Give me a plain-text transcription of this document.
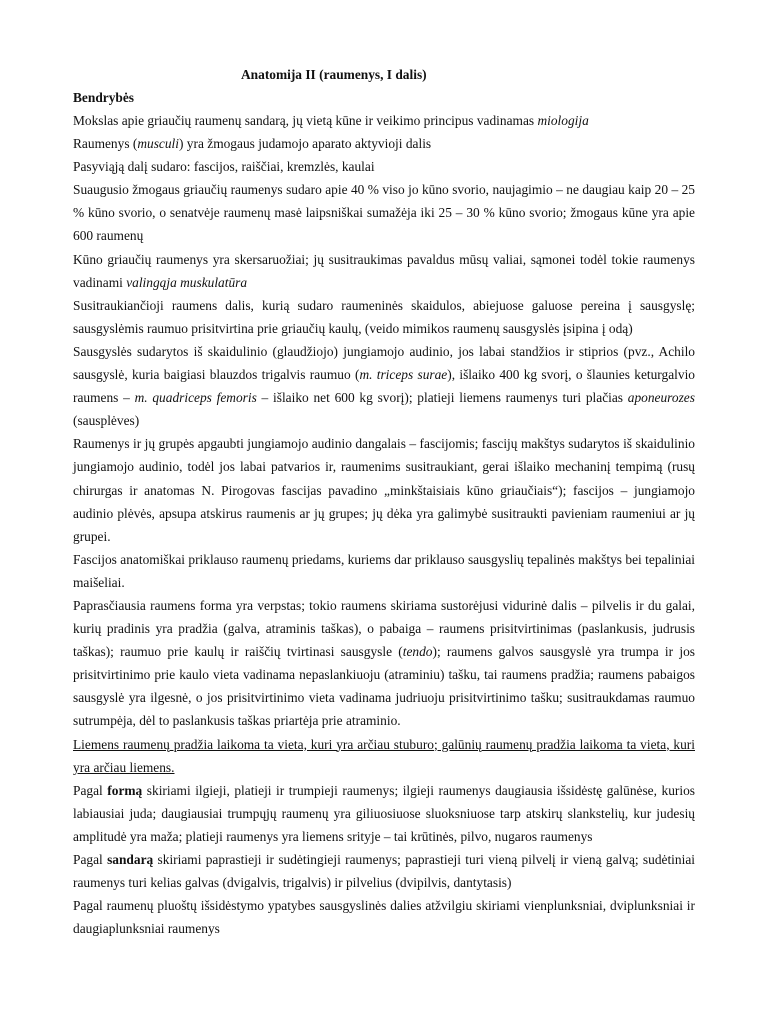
Anatomija II (raumenys, I dalis)
Bendrybės

Mokslas apie griaučių raumenų sandarą, jų vietą kūne ir veikimo principus vadinamas miologija

Raumenys (musculi) yra žmogaus judamojo aparato aktyvioji dalis

Pasyviąją dalį sudaro: fascijos, raiščiai, kremzlės, kaulai

Suaugusio žmogaus griaučių raumenys sudaro apie 40 % viso jo kūno svorio, naujagimio – ne daugiau kaip 20 – 25 % kūno svorio, o senatvėje raumenų masė laipsniškai sumažėja iki 25 – 30 % kūno svorio; žmogaus kūne yra apie 600 raumenų

Kūno griaučių raumenys yra skersaruožiai; jų susitraukimas pavaldus mūsų valiai, sąmonei todėl tokie raumenys vadinami valingąja muskulatūra

Susitraukiančioji raumens dalis, kurią sudaro raumeninės skaidulos, abiejuose galuose pereina į sausgyslę; sausgyslėmis raumuo prisitvirtina prie griaučių kaulų, (veido mimikos raumenų sausgyslės įsipina į odą)

Sausgyslės sudarytos iš skaidulinio (glaudžiojo) jungiamojo audinio, jos labai standžios ir stiprios (pvz., Achilo sausgyslė, kuria baigiasi blauzdos trigalvis raumuo (m. triceps surae), išlaiko 400 kg svorį, o šlaunies keturgalvio raumens – m. quadriceps femoris – išlaiko net 600 kg svorį); platieji liemens raumenys turi plačias aponeurozes (sausplėves)

Raumenys ir jų grupės apgaubti jungiamojo audinio dangalais – fascijomis; fascijų makštys sudarytos iš skaidulinio jungiamojo audinio, todėl jos labai patvarios ir, raumenims susitraukiant, gerai išlaiko mechaninį tempimą (rusų chirurgas ir anatomas N. Pirogovas fascijas pavadino „minkštaisiais kūno griaučiais“); fascijos – jungiamojo audinio plėvės, apsupa atskirus raumenis ar jų grupes; jų dėka yra galimybė susitraukti pavieniam raumeniui ar jų grupei.

Fascijos anatomiškai priklauso raumenų priedams, kuriems dar priklauso sausgyslių tepalinės makštys bei tepaliniai maišeliai.

Paprasčiausia raumens forma yra verpstas; tokio raumens skiriama sustorėjusi vidurinė dalis – pilvelis ir du galai, kurių pradinis yra pradžia (galva, atraminis taškas), o pabaiga – raumens prisitvirtinimas (paslankusis, judrusis taškas); raumuo prie kaulų ir raiščių tvirtinasi sausgysle (tendo); raumens galvos sausgyslė yra trumpa ir jos prisitvirtinimo prie kaulo vieta vadinama nepaslankiuoju (atraminiu) tašku, tai raumens pradžia; raumens pabaigos sausgyslė yra ilgesnė, o jos prisitvirtinimo vieta vadinama judriuoju prisitvirtinimo tašku; susitraukdamas raumuo sutrumpėja, dėl to paslankusis taškas priartėja prie atraminio.

Liemens raumenų pradžia laikoma ta vieta, kuri yra arčiau stuburo; galūnių raumenų pradžia laikoma ta vieta, kuri yra arčiau liemens.

Pagal formą skiriami ilgieji, platieji ir trumpieji raumenys; ilgieji raumenys daugiausia išsidėstę galūnėse, kurios labiausiai juda; daugiausiai trumpųjų raumenų yra giliuosiuose sluoksniuose tarp atskirų slankstelių, kur judesių amplitudė yra maža; platieji raumenys yra liemens srityje – tai krūtinės, pilvo, nugaros raumenys

Pagal sandarą skiriami paprastieji ir sudėtingieji raumenys; paprastieji turi vieną pilvelį ir vieną galvą; sudėtiniai raumenys turi kelias galvas (dvigalvis, trigalvis) ir pilvelius (dvipilvis, dantytasis)

Pagal raumenų pluoštų išsidėstymo ypatybes sausgyslinės dalies atžvilgiu skiriami vienplunksniai, dviplunksniai ir daugiaplunksniai raumenys
